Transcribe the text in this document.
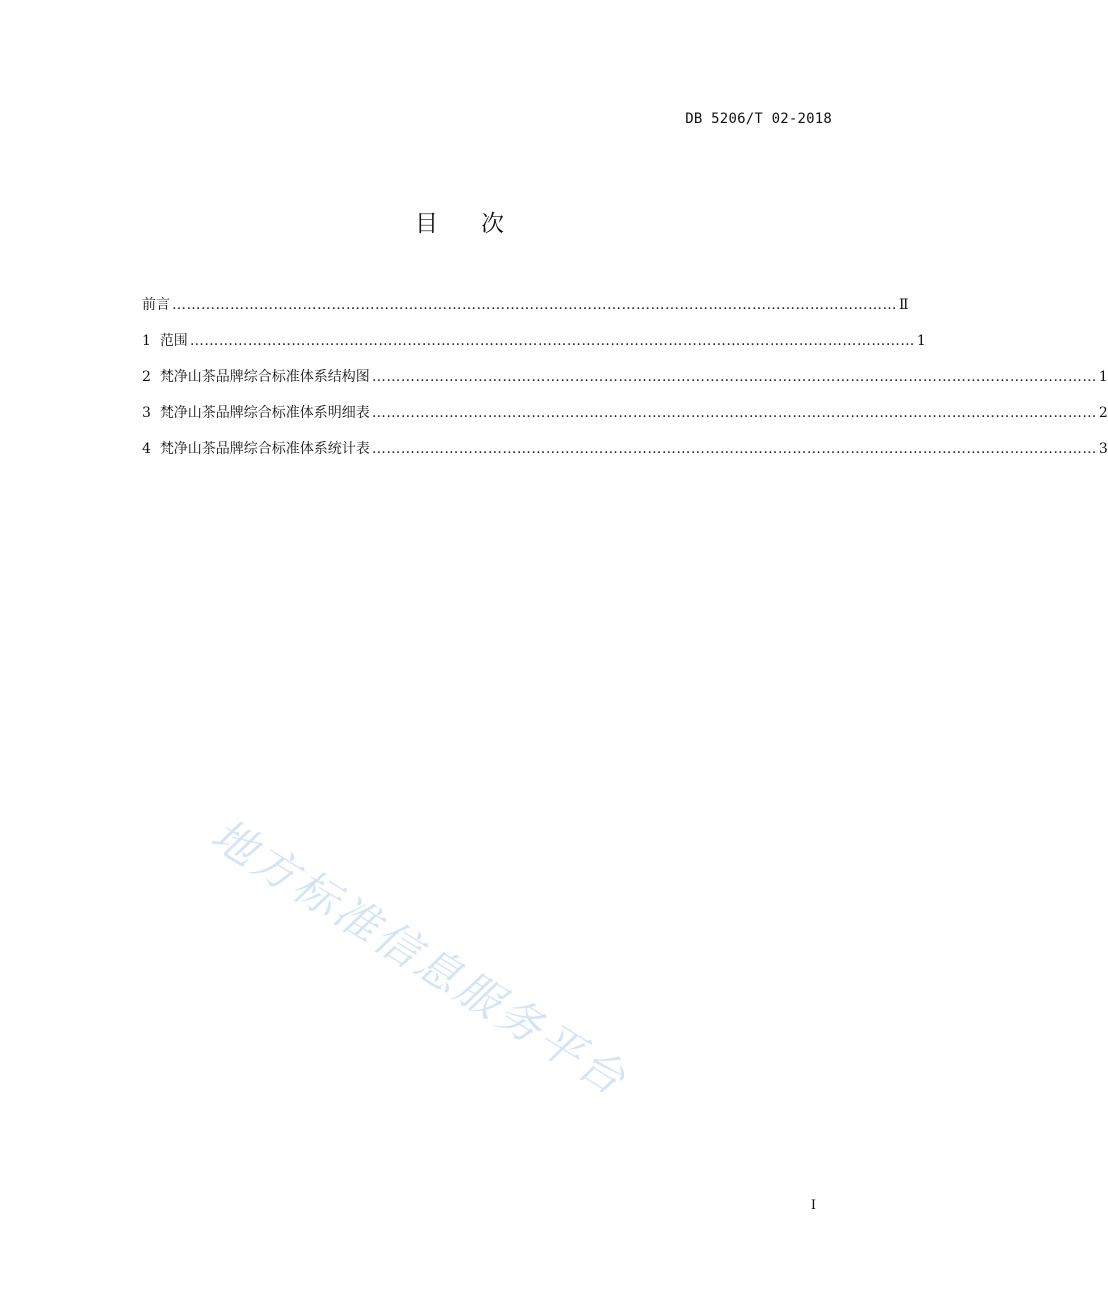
DB 5206/T 02-2018
目 次
前言 …………………………………………………………………………………………………………………………………… Ⅱ
1 范围 …………………………………………………………………………………………………………………………………… 1
2 梵净山茶品牌综合标准体系结构图 …………………………………………………………………………………………………………………………………… 1
3 梵净山茶品牌综合标准体系明细表 …………………………………………………………………………………………………………………………………… 2
4 梵净山茶品牌综合标准体系统计表 …………………………………………………………………………………………………………………………………… 3
地方标准信息服务平台
I
